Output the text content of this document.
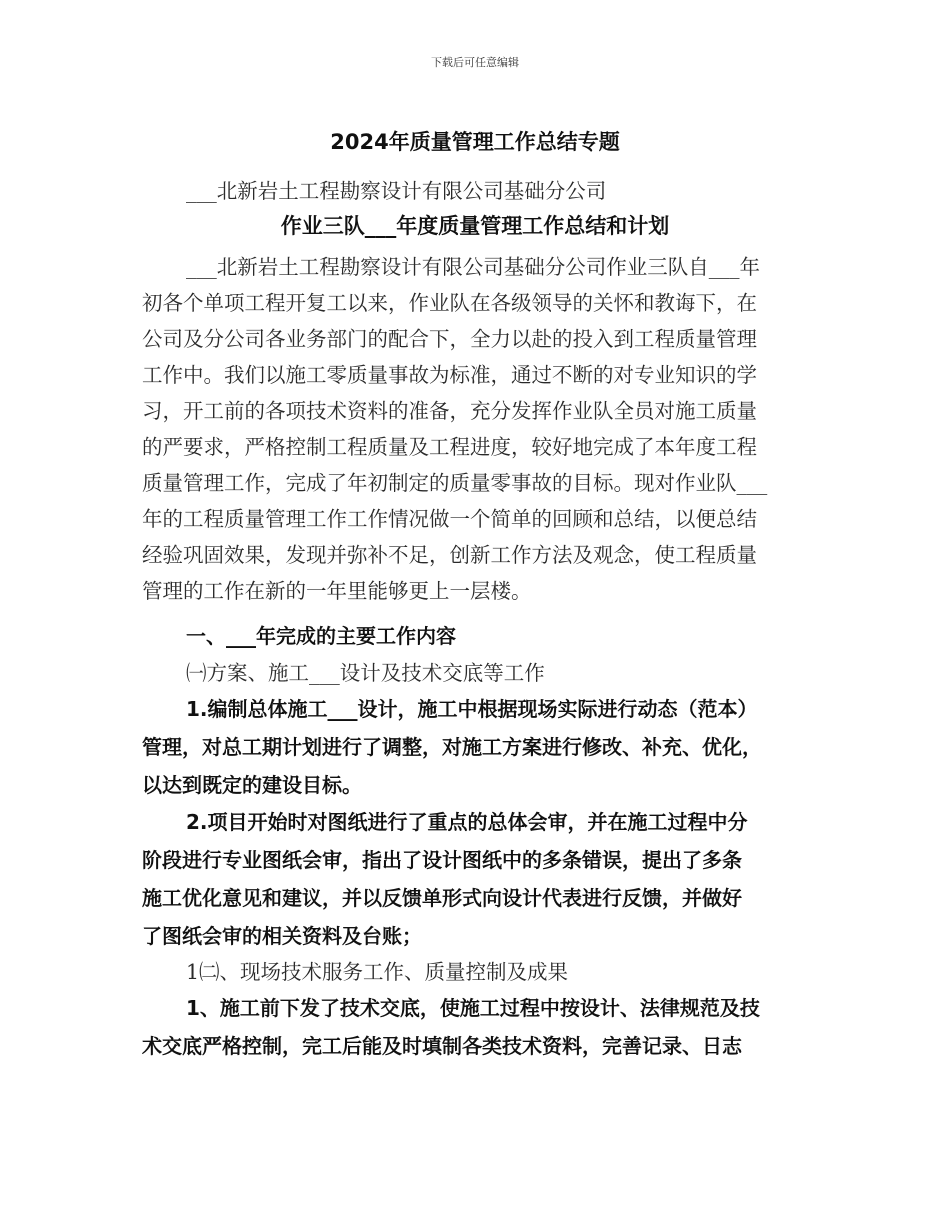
下载后可任意编辑
2024年质量管理工作总结专题
___北新岩土工程勘察设计有限公司基础分公司
作业三队___年度质量管理工作总结和计划
___北新岩土工程勘察设计有限公司基础分公司作业三队自___年
初各个单项工程开复工以来，作业队在各级领导的关怀和教诲下，在
公司及分公司各业务部门的配合下，全力以赴的投入到工程质量管理
工作中。我们以施工零质量事故为标准，通过不断的对专业知识的学
习，开工前的各项技术资料的准备，充分发挥作业队全员对施工质量
的严要求，严格控制工程质量及工程进度，较好地完成了本年度工程
质量管理工作，完成了年初制定的质量零事故的目标。现对作业队___
年的工程质量管理工作工作情况做一个简单的回顾和总结，以便总结
经验巩固效果，发现并弥补不足，创新工作方法及观念，使工程质量
管理的工作在新的一年里能够更上一层楼。
一、___年完成的主要工作内容
㈠方案、施工___设计及技术交底等工作
1.编制总体施工___设计，施工中根据现场实际进行动态（范本）
管理，对总工期计划进行了调整，对施工方案进行修改、补充、优化，
以达到既定的建设目标。
2.项目开始时对图纸进行了重点的总体会审，并在施工过程中分
阶段进行专业图纸会审，指出了设计图纸中的多条错误，提出了多条
施工优化意见和建议，并以反馈单形式向设计代表进行反馈，并做好
了图纸会审的相关资料及台账；
1㈡、现场技术服务工作、质量控制及成果
1、施工前下发了技术交底，使施工过程中按设计、法律规范及技
术交底严格控制，完工后能及时填制各类技术资料，完善记录、日志
